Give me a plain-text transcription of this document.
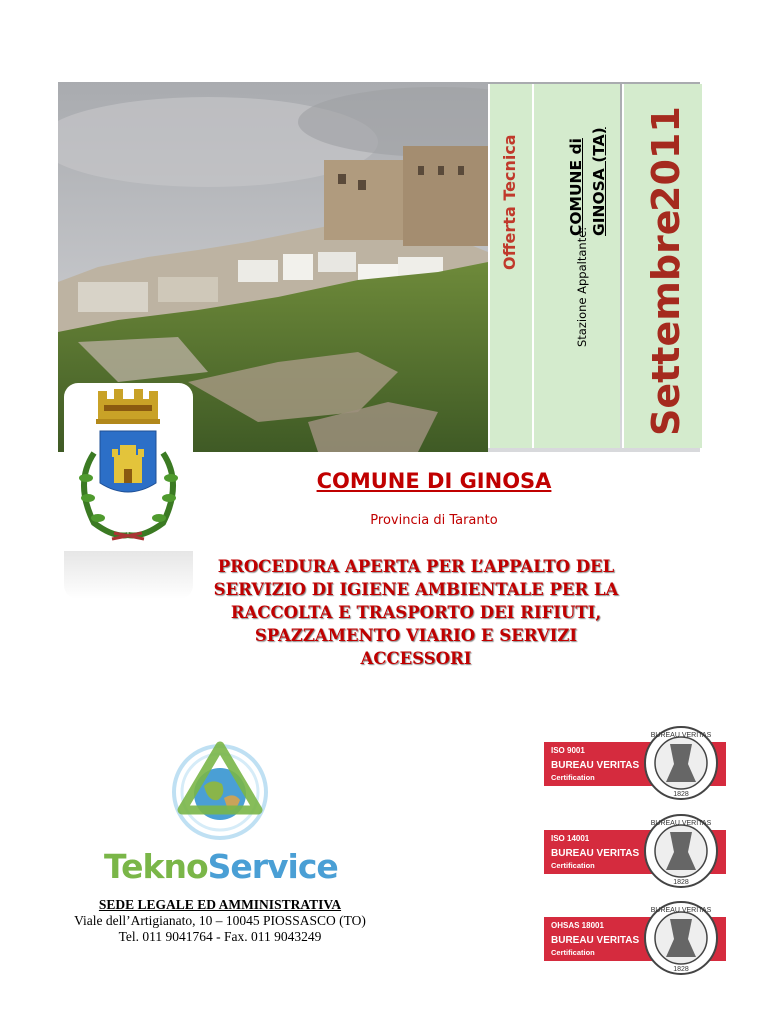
Offerta Tecnica
Stazione Appaltante:
COMUNE di GINOSA (TA)
Settembre
2011
COMUNE DI GINOSA
Provincia di Taranto
PROCEDURA APERTA PER L’APPALTO DEL
SERVIZIO DI IGIENE AMBIENTALE PER LA
RACCOLTA E TRASPORTO DEI RIFIUTI,
SPAZZAMENTO VIARIO E SERVIZI
ACCESSORI
TeknoService
SEDE LEGALE ED AMMINISTRATIVA
Viale dell’Artigianato, 10 – 10045 PIOSSASCO (TO)
Tel. 011 9041764 - Fax. 011 9043249
ISO 9001
BUREAU VERITAS
Certification
BUREAU VERITAS
1828
ISO 14001
BUREAU VERITAS
Certification
BUREAU VERITAS
1828
OHSAS 18001
BUREAU VERITAS
Certification
BUREAU VERITAS
1828
